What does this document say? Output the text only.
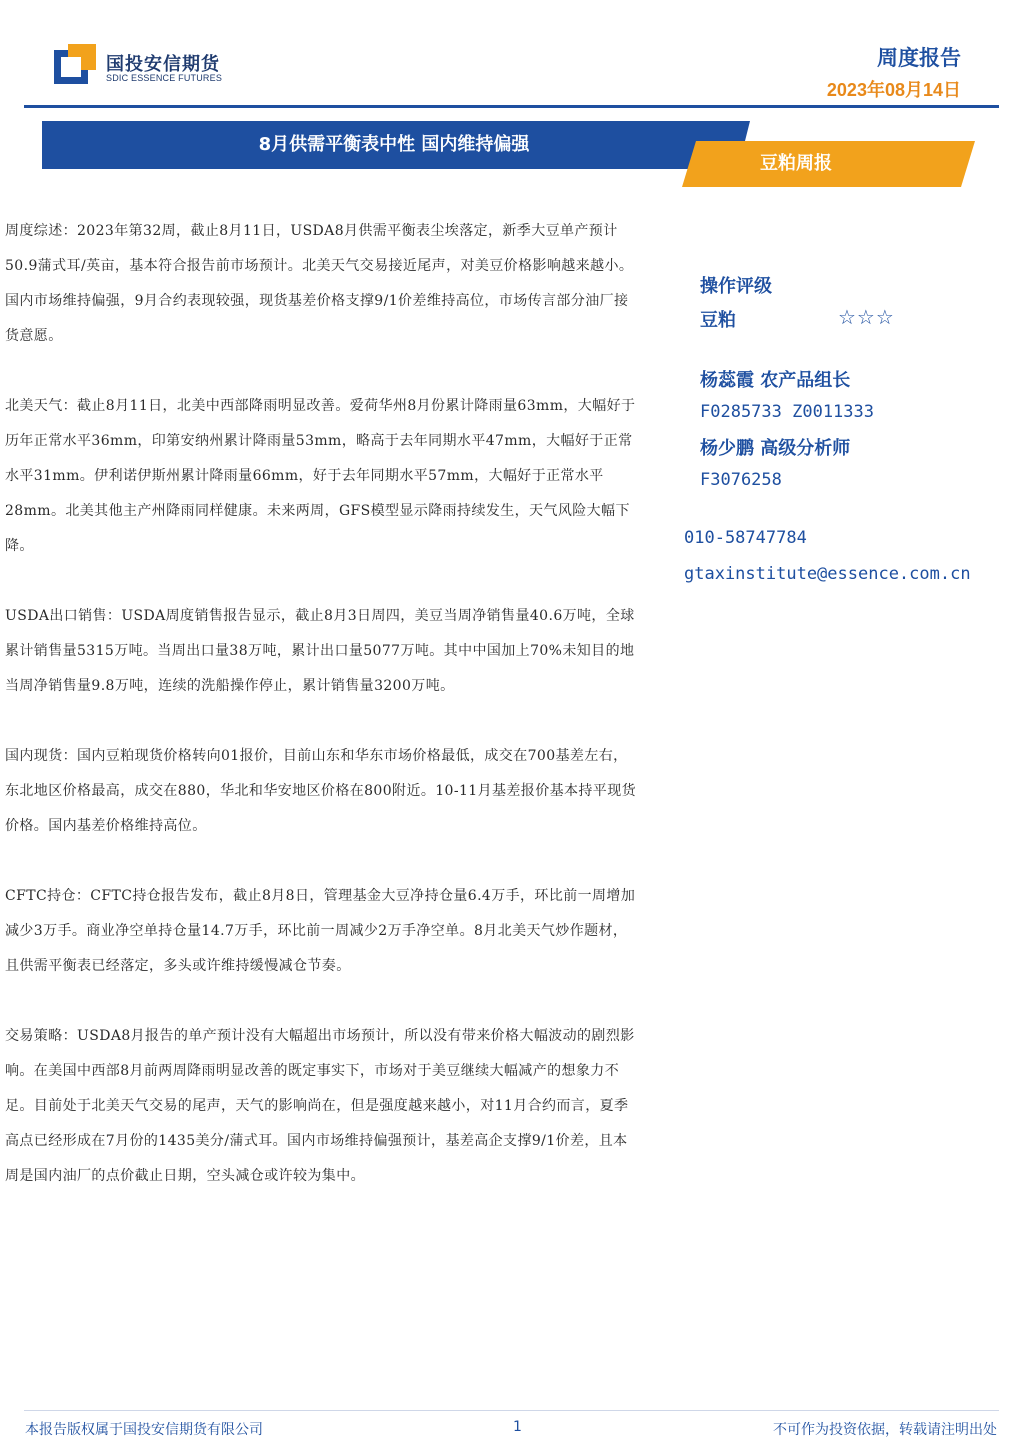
国投安信期货
SDIC ESSENCE FUTURES
周度报告
2023年08月14日
8月供需平衡表中性 国内维持偏强
豆粕周报

周度综述：2023年第32周，截止8月11日，USDA8月供需平衡表尘埃落定，新季大豆单产预计50.9蒲式耳/英亩，基本符合报告前市场预计。北美天气交易接近尾声，对美豆价格影响越来越小。国内市场维持偏强，9月合约表现较强，现货基差价格支撑9/1价差维持高位，市场传言部分油厂接货意愿。

北美天气：截止8月11日，北美中西部降雨明显改善。爱荷华州8月份累计降雨量63mm，大幅好于历年正常水平36mm，印第安纳州累计降雨量53mm，略高于去年同期水平47mm，大幅好于正常水平31mm。伊利诺伊斯州累计降雨量66mm，好于去年同期水平57mm，大幅好于正常水平28mm。北美其他主产州降雨同样健康。未来两周，GFS模型显示降雨持续发生，天气风险大幅下降。

USDA出口销售：USDA周度销售报告显示，截止8月3日周四，美豆当周净销售量40.6万吨，全球累计销售量5315万吨。当周出口量38万吨，累计出口量5077万吨。其中中国加上70%未知目的地当周净销售量9.8万吨，连续的洗船操作停止，累计销售量3200万吨。

国内现货：国内豆粕现货价格转向01报价，目前山东和华东市场价格最低，成交在700基差左右，东北地区价格最高，成交在880，华北和华安地区价格在800附近。10-11月基差报价基本持平现货价格。国内基差价格维持高位。

CFTC持仓：CFTC持仓报告发布，截止8月8日，管理基金大豆净持仓量6.4万手，环比前一周增加减少3万手。商业净空单持仓量14.7万手，环比前一周减少2万手净空单。8月北美天气炒作题材，且供需平衡表已经落定，多头或许维持缓慢减仓节奏。

交易策略：USDA8月报告的单产预计没有大幅超出市场预计，所以没有带来价格大幅波动的剧烈影响。在美国中西部8月前两周降雨明显改善的既定事实下，市场对于美豆继续大幅减产的想象力不足。目前处于北美天气交易的尾声，天气的影响尚在，但是强度越来越小，对11月合约而言，夏季高点已经形成在7月份的1435美分/蒲式耳。国内市场维持偏强预计，基差高企支撑9/1价差，且本周是国内油厂的点价截止日期，空头减仓或许较为集中。

操作评级
豆粕	☆☆☆
杨蕊霞 农产品组长
F0285733 Z0011333
杨少鹏 高级分析师
F3076258
010-58747784
gtaxinstitute@essence.com.cn
本报告版权属于国投安信期货有限公司	1	不可作为投资依据，转载请注明出处
